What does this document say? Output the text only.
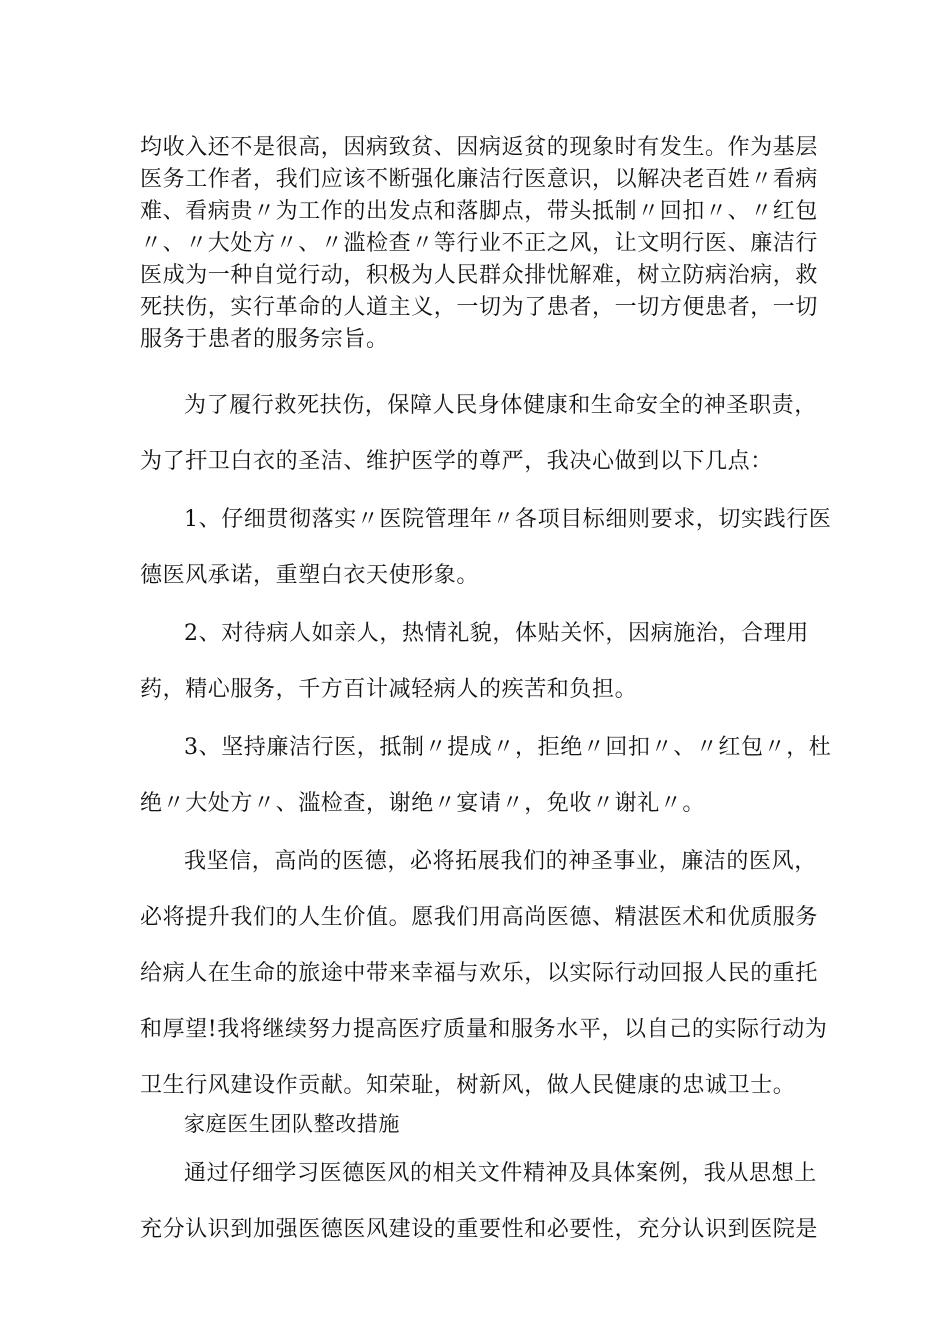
均收入还不是很高，因病致贫、因病返贫的现象时有发生。作为基层
医务工作者，我们应该不断强化廉洁行医意识，以解决老百姓〃看病
难、看病贵〃为工作的出发点和落脚点，带头抵制〃回扣〃、〃红包
〃、〃大处方〃、〃滥检查〃等行业不正之风，让文明行医、廉洁行
医成为一种自觉行动，积极为人民群众排忧解难，树立防病治病，救
死扶伤，实行革命的人道主义，一切为了患者，一切方便患者，一切
服务于患者的服务宗旨。
为了履行救死扶伤，保障人民身体健康和生命安全的神圣职责，
为了扞卫白衣的圣洁、维护医学的尊严，我决心做到以下几点：
1、仔细贯彻落实〃医院管理年〃各项目标细则要求，切实践行医
德医风承诺，重塑白衣天使形象。
2、对待病人如亲人，热情礼貌，体贴关怀，因病施治，合理用
药，精心服务，千方百计减轻病人的疾苦和负担。
3、坚持廉洁行医，抵制〃提成〃，拒绝〃回扣〃、〃红包〃，杜
绝〃大处方〃、滥检查，谢绝〃宴请〃，免收〃谢礼〃。
我坚信，高尚的医德，必将拓展我们的神圣事业，廉洁的医风，
必将提升我们的人生价值。愿我们用高尚医德、精湛医术和优质服务
给病人在生命的旅途中带来幸福与欢乐，以实际行动回报人民的重托
和厚望!我将继续努力提高医疗质量和服务水平，以自己的实际行动为
卫生行风建设作贡献。知荣耻，树新风，做人民健康的忠诚卫士。
家庭医生团队整改措施
通过仔细学习医德医风的相关文件精神及具体案例，我从思想上
充分认识到加强医德医风建设的重要性和必要性，充分认识到医院是
